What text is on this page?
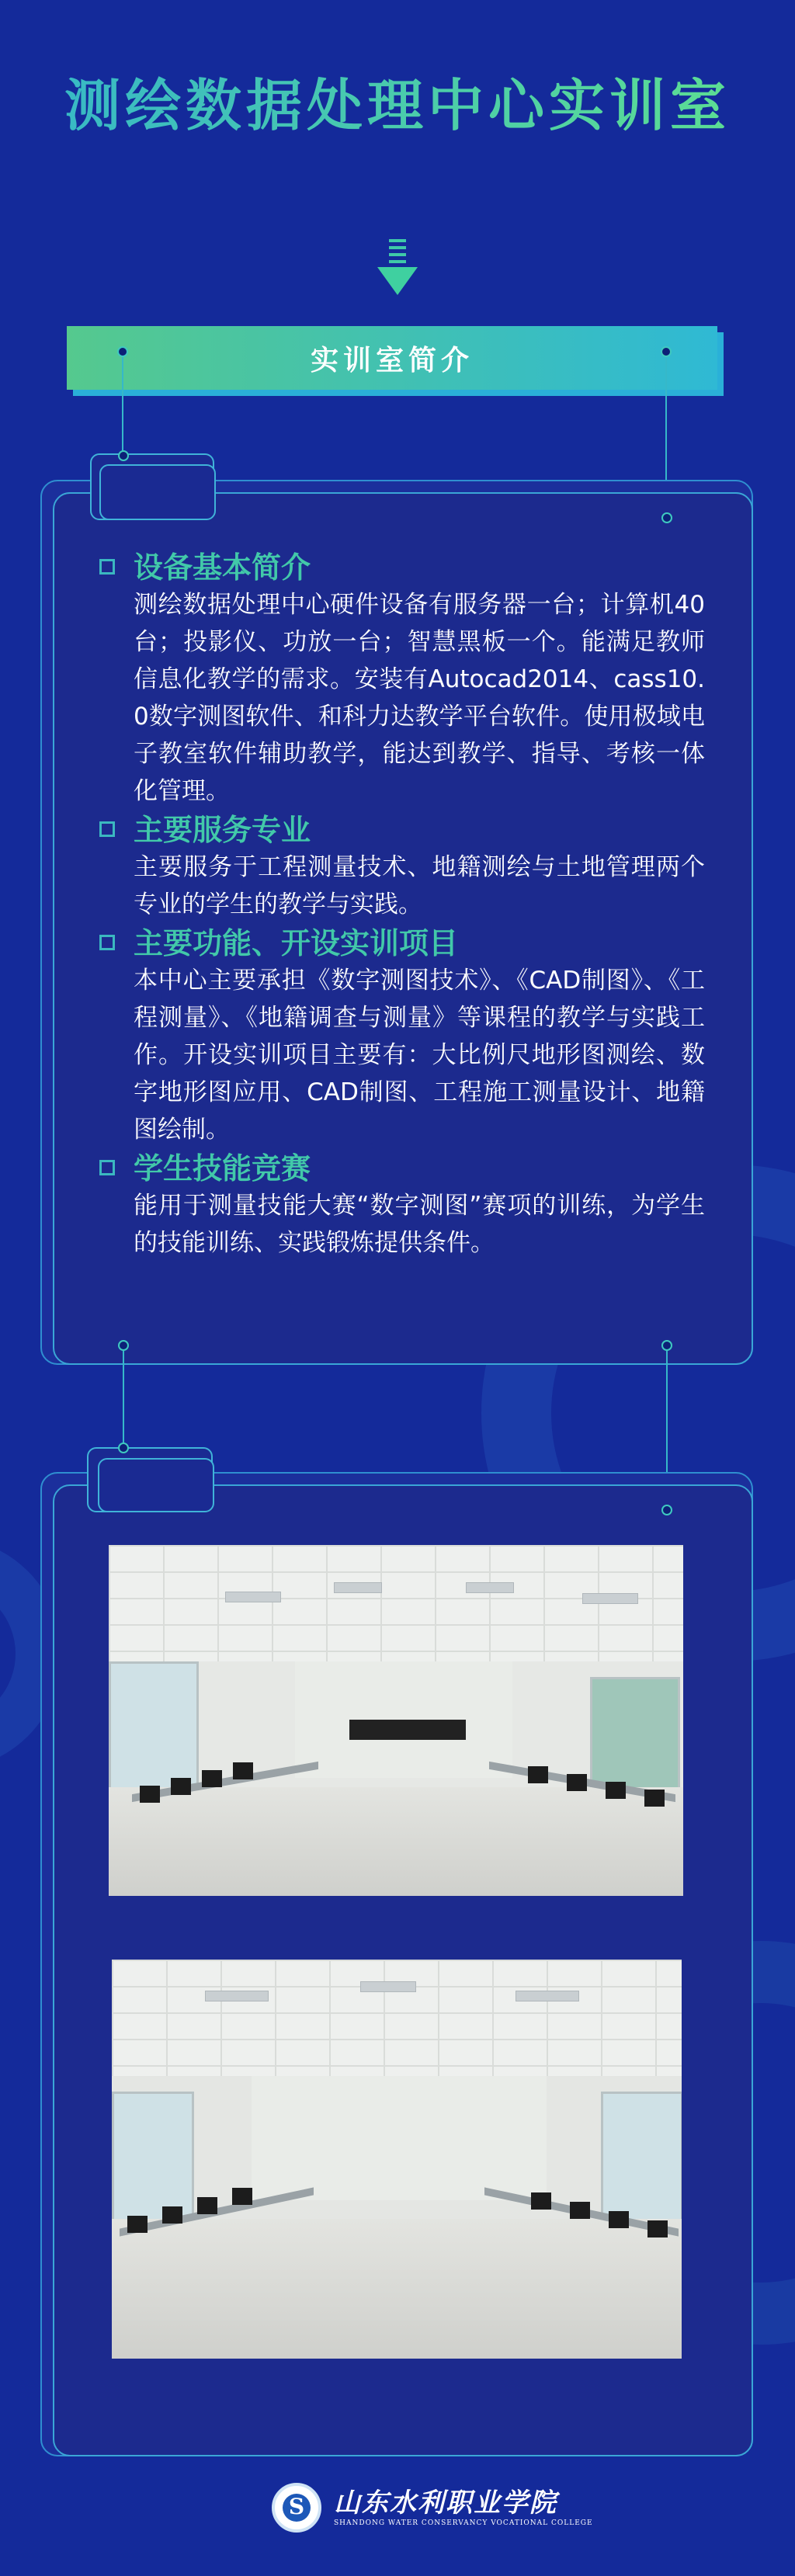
测绘数据处理中心实训室
实训室简介
设备基本简介
测绘数据处理中心硬件设备有服务器一台；计算机40台；投影仪、功放一台；智慧黑板一个。能满足教师信息化教学的需求。安装有Autocad2014、cass10.0数字测图软件、和科力达教学平台软件。使用极域电子教室软件辅助教学，能达到教学、指导、考核一体化管理。
主要服务专业
主要服务于工程测量技术、地籍测绘与土地管理两个专业的学生的教学与实践。
主要功能、开设实训项目
本中心主要承担《数字测图技术》、《CAD制图》、《工程测量》、《地籍调查与测量》等课程的教学与实践工作。开设实训项目主要有：大比例尺地形图测绘、数字地形图应用、CAD制图、工程施工测量设计、地籍图绘制。
学生技能竞赛
能用于测量技能大赛“数字测图”赛项的训练，为学生的技能训练、实践锻炼提供条件。
S
山东水利职业学院
SHANDONG WATER CONSERVANCY VOCATIONAL COLLEGE
